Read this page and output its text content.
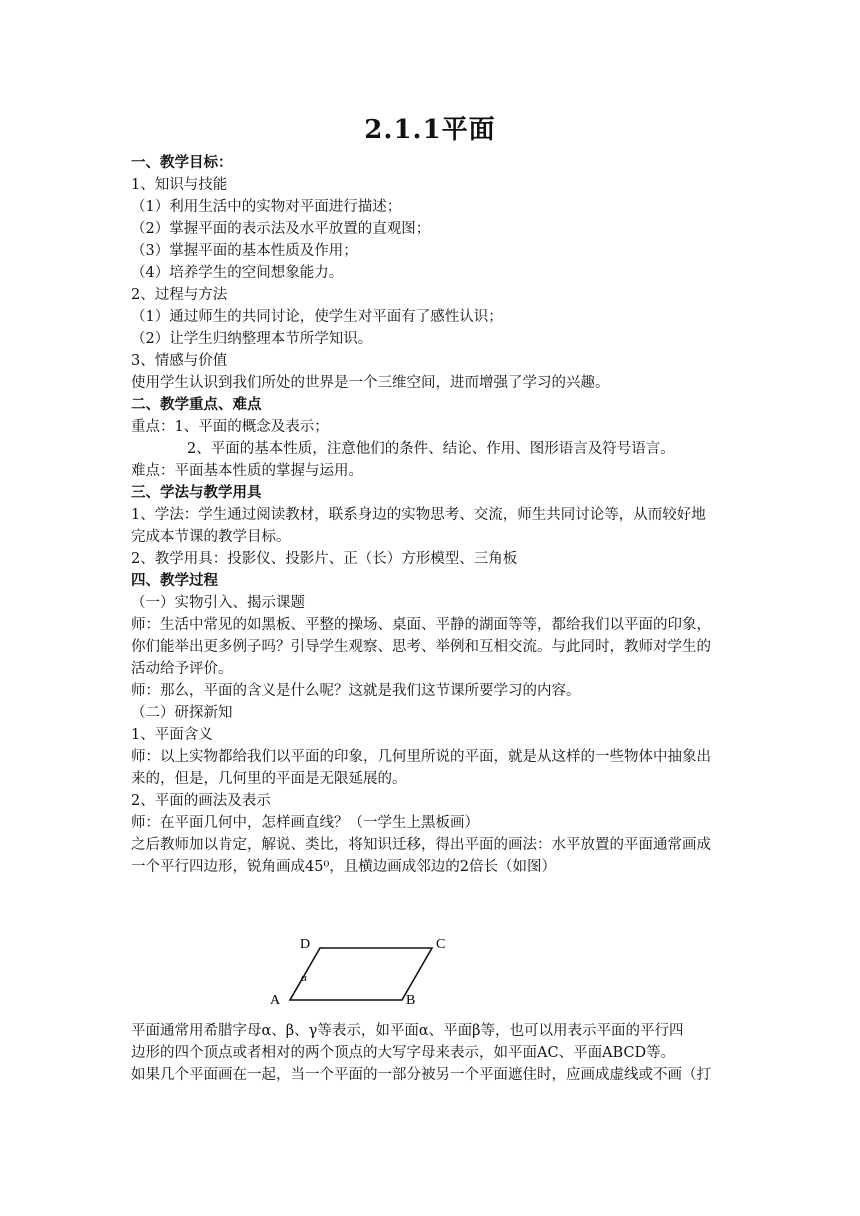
2.1.1平面
一、教学目标：
1、知识与技能
（1）利用生活中的实物对平面进行描述；
（2）掌握平面的表示法及水平放置的直观图；
（3）掌握平面的基本性质及作用；
（4）培养学生的空间想象能力。
2、过程与方法
（1）通过师生的共同讨论，使学生对平面有了感性认识；
（2）让学生归纳整理本节所学知识。
3、情感与价值
使用学生认识到我们所处的世界是一个三维空间，进而增强了学习的兴趣。
二、教学重点、难点
重点：1、平面的概念及表示；
2、平面的基本性质，注意他们的条件、结论、作用、图形语言及符号语言。
难点：平面基本性质的掌握与运用。
三、学法与教学用具
1、学法：学生通过阅读教材，联系身边的实物思考、交流，师生共同讨论等，从而较好地
完成本节课的教学目标。
2、教学用具：投影仪、投影片、正（长）方形模型、三角板
四、教学过程
（一）实物引入、揭示课题
师：生活中常见的如黑板、平整的操场、桌面、平静的湖面等等，都给我们以平面的印象，
你们能举出更多例子吗？引导学生观察、思考、举例和互相交流。与此同时，教师对学生的
活动给予评价。
师：那么，平面的含义是什么呢？这就是我们这节课所要学习的内容。
（二）研探新知
1、平面含义
师：以上实物都给我们以平面的印象，几何里所说的平面，就是从这样的一些物体中抽象出
来的，但是，几何里的平面是无限延展的。
2、平面的画法及表示
师：在平面几何中，怎样画直线？（一学生上黑板画）
之后教师加以肯定，解说、类比，将知识迁移，得出平面的画法：水平放置的平面通常画成
一个平行四边形，锐角画成45⁰，且横边画成邻边的2倍长（如图）
D	C
A	B
α
平面通常用希腊字母α、β、γ等表示，如平面α、平面β等，也可以用表示平面的平行四
边形的四个顶点或者相对的两个顶点的大写字母来表示，如平面AC、平面ABCD等。
如果几个平面画在一起，当一个平面的一部分被另一个平面遮住时，应画成虚线或不画（打
